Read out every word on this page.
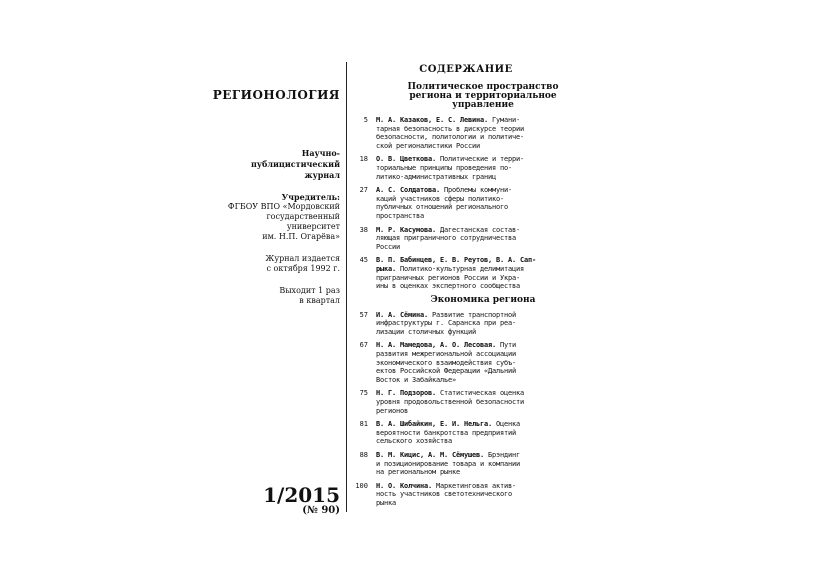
РЕГИОНОЛОГИЯ
Научно-
публицистический
журнал
Учредитель:
ФГБОУ ВПО «Мордовский
государственный
университет
им. Н.П. Огарёва»
Журнал издается
с октября 1992 г.
Выходит 1 раз
в квартал
1/2015
(№ 90)
СОДЕРЖАНИЕ
Политическое пространство
региона и территориальное
управление
5 М. А. Казаков, Е. С. Левина. Гумани-
тарная безопасность в дискурсе теории
безопасности, политологии и политиче-
ской регионалистики России
18 О. В. Цветкова. Политические и терри-
ториальные принципы проведения по-
литико-административных границ
27 А. С. Солдатова. Проблемы коммуни-
каций участников сферы политико-
публичных отношений регионального
пространства
38 М. Р. Касумова. Дагестанская состав-
ляющая приграничного сотрудничества
России
45 В. П. Бабинцев, Е. В. Реутов, В. А. Сап-
рыка. Политико-культурная делимитация
приграничных регионов России и Укра-
ины в оценках экспертного сообщества
Экономика региона
57 И. А. Сёмина. Развитие транспортной
инфраструктуры г. Саранска при реа-
лизации столичных функций
67 Н. А. Мамедова, А. О. Лесовая. Пути
развития межрегиональной ассоциации
экономического взаимодействия субъ-
ектов Российской Федерации «Дальний
Восток и Забайкалье»
75 Н. Г. Подзоров. Статистическая оценка
уровня продовольственной безопасности
регионов
81 В. А. Шибайкин, Е. И. Нельга. Оценка
вероятности банкротства предприятий
сельского хозяйства
88 В. М. Кицис, А. М. Сёмушев. Брэндинг
и позиционирование товара и компании
на региональном рынке
100 Н. О. Колчина. Маркетинговая актив-
ность участников светотехнического
рынка
